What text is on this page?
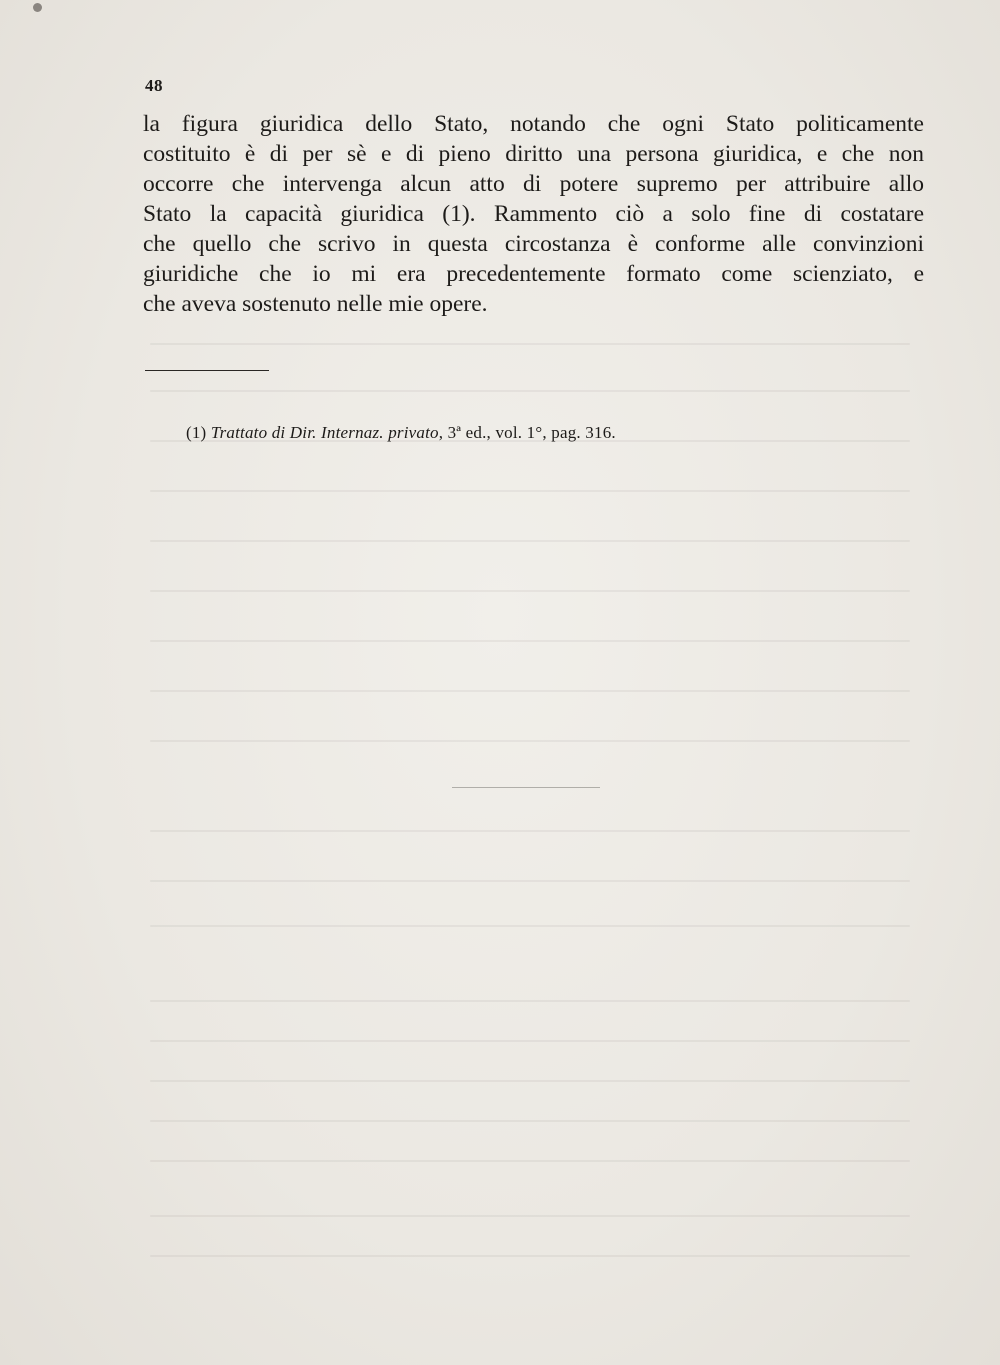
48
la figura giuridica dello Stato, notando che ogni Stato politicamente
costituito è di per sè e di pieno diritto una persona giuridica, e che non
occorre che intervenga alcun atto di potere supremo per attribuire allo
Stato la capacità giuridica (1). Rammento ciò a solo fine di costatare
che quello che scrivo in questa circostanza è conforme alle convinzioni
giuridiche che io mi era precedentemente formato come scienziato, e
che aveva sostenuto nelle mie opere.
(1) Trattato di Dir. Internaz. privato, 3ª ed., vol. 1°, pag. 316.
